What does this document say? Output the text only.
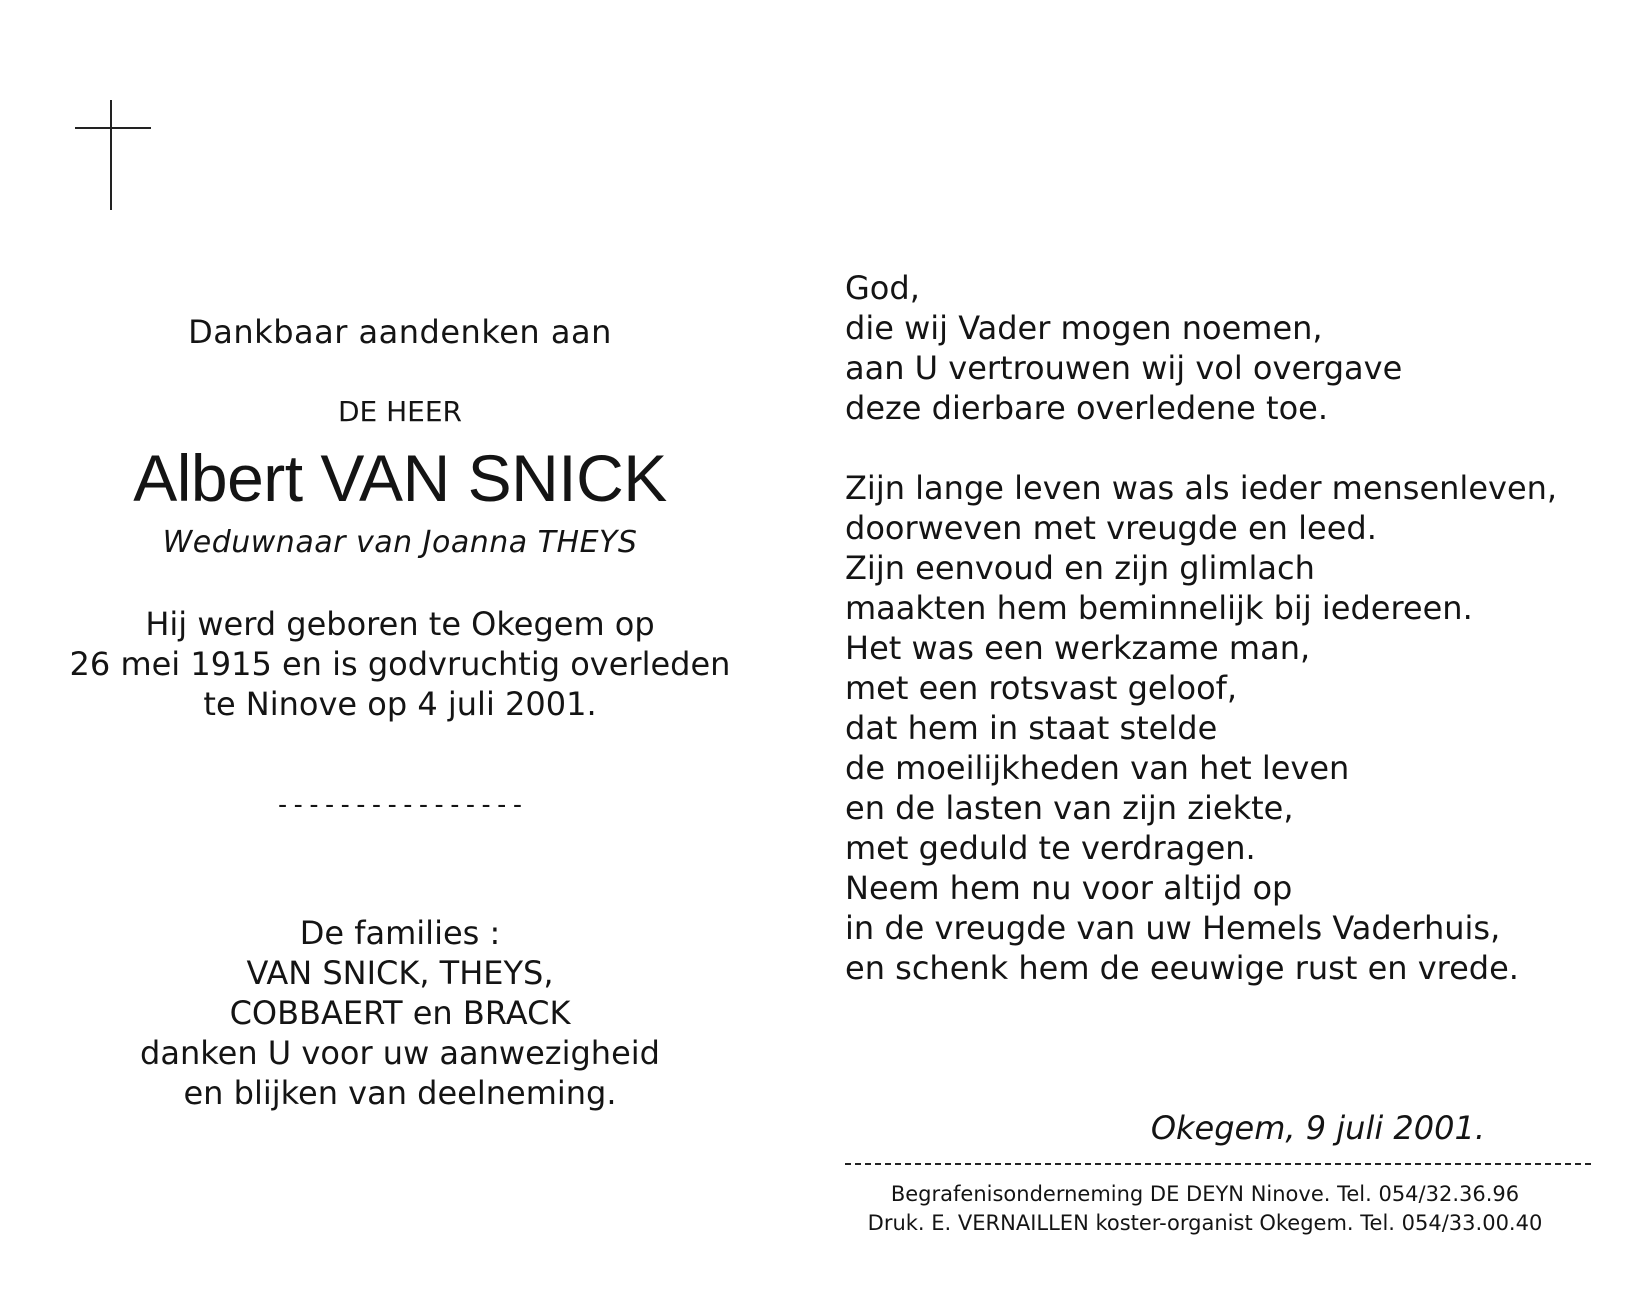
Dankbaar aandenken aan
DE HEER
Albert VAN SNICK
Weduwnaar van Joanna THEYS
Hij werd geboren te Okegem op
26 mei 1915 en is godvruchtig overleden
te Ninove op 4 juli 2001.
----------------
De families :
VAN SNICK, THEYS,
COBBAERT en BRACK
danken U voor uw aanwezigheid
en blijken van deelneming.
God,
die wij Vader mogen noemen,
aan U vertrouwen wij vol overgave
deze dierbare overledene toe.
Zijn lange leven was als ieder mensenleven,
doorweven met vreugde en leed.
Zijn eenvoud en zijn glimlach
maakten hem beminnelijk bij iedereen.
Het was een werkzame man,
met een rotsvast geloof,
dat hem in staat stelde
de moeilijkheden van het leven
en de lasten van zijn ziekte,
met geduld te verdragen.
Neem hem nu voor altijd op
in de vreugde van uw Hemels Vaderhuis,
en schenk hem de eeuwige rust en vrede.
Okegem, 9 juli 2001.
Begrafenisonderneming DE DEYN Ninove. Tel. 054/32.36.96
Druk. E. VERNAILLEN koster-organist Okegem. Tel. 054/33.00.40
